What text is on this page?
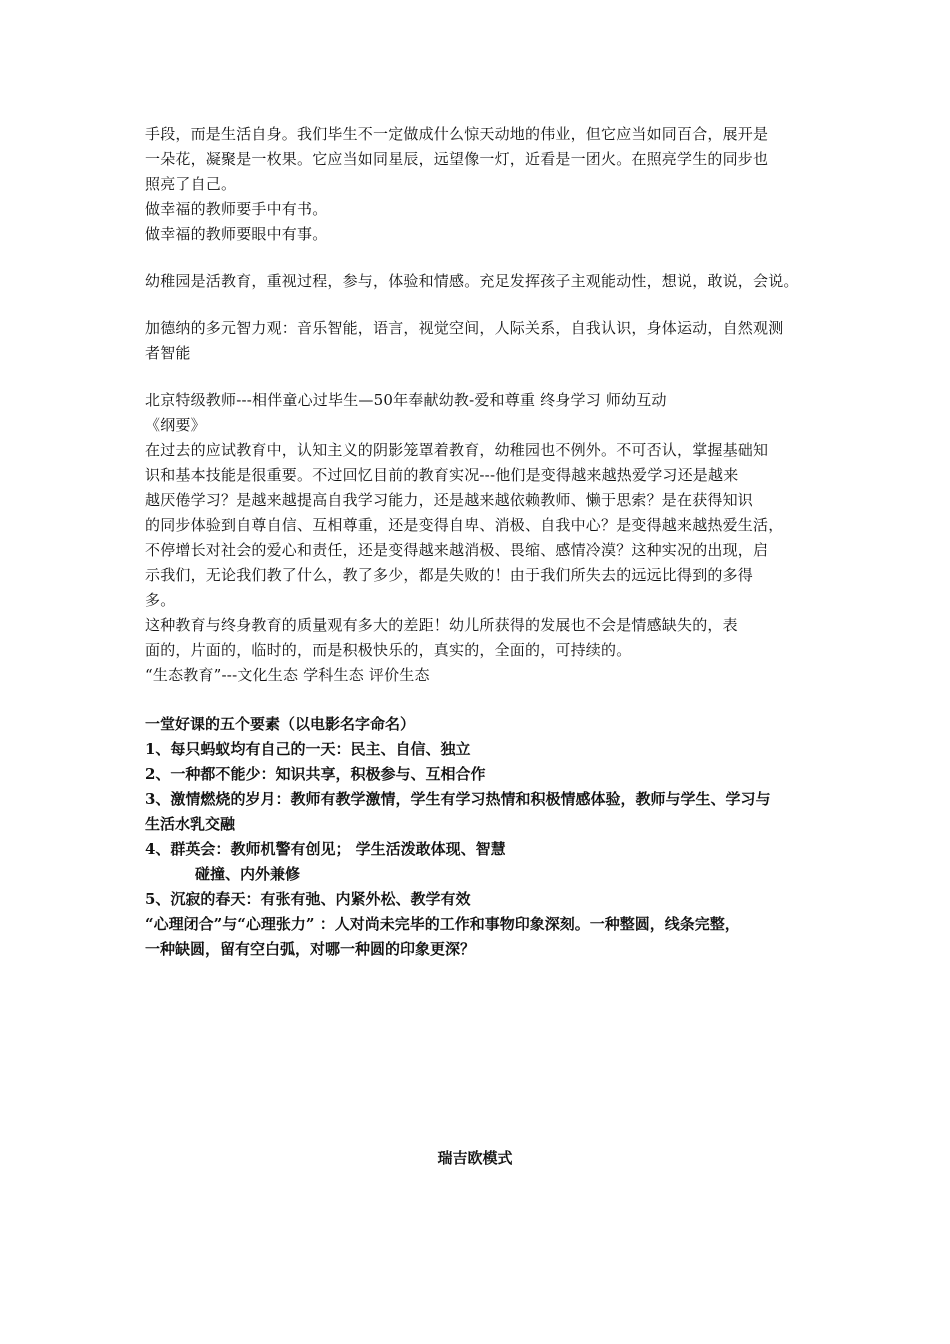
手段，而是生活自身。我们毕生不一定做成什么惊天动地的伟业，但它应当如同百合，展开是
一朵花，凝聚是一枚果。它应当如同星辰，远望像一灯，近看是一团火。在照亮学生的同步也
照亮了自己。
做幸福的教师要手中有书。
做幸福的教师要眼中有事。
幼稚园是活教育，重视过程，参与，体验和情感。充足发挥孩子主观能动性，想说，敢说，会说。
加德纳的多元智力观：音乐智能，语言，视觉空间，人际关系，自我认识，身体运动，自然观测
者智能
北京特级教师---相伴童心过毕生—50年奉献幼教-爱和尊重 终身学习 师幼互动
《纲要》
在过去的应试教育中，认知主义的阴影笼罩着教育，幼稚园也不例外。不可否认，掌握基础知
识和基本技能是很重要。不过回忆目前的教育实况---他们是变得越来越热爱学习还是越来
越厌倦学习？是越来越提高自我学习能力，还是越来越依赖教师、懒于思索？是在获得知识
的同步体验到自尊自信、互相尊重，还是变得自卑、消极、自我中心？是变得越来越热爱生活，
不停增长对社会的爱心和责任，还是变得越来越消极、畏缩、感情冷漠？这种实况的出现，启
示我们，无论我们教了什么，教了多少，都是失败的！由于我们所失去的远远比得到的多得
多。
这种教育与终身教育的质量观有多大的差距！幼儿所获得的发展也不会是情感缺失的，表
面的，片面的，临时的，而是积极快乐的，真实的，全面的，可持续的。
“生态教育”---文化生态 学科生态 评价生态
一堂好课的五个要素（以电影名字命名）
1、每只蚂蚁均有自己的一天：民主、自信、独立
2、一种都不能少：知识共享，积极参与、互相合作
3、激情燃烧的岁月：教师有教学激情，学生有学习热情和积极情感体验，教师与学生、学习与
生活水乳交融
4、群英会：教师机警有创见； 学生活泼敢体现、智慧
碰撞、内外兼修
5、沉寂的春天：有张有弛、内紧外松、教学有效
“心理闭合”与“心理张力” ：人对尚未完毕的工作和事物印象深刻。一种整圆，线条完整，
一种缺圆，留有空白弧，对哪一种圆的印象更深？
瑞吉欧模式
